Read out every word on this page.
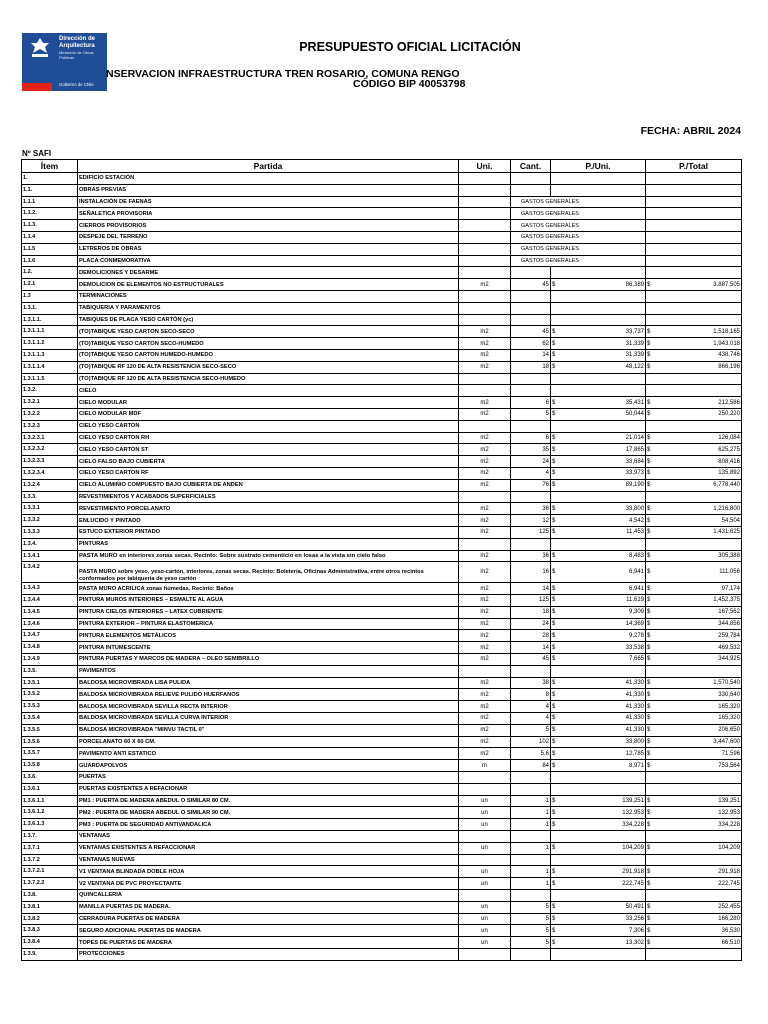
Dirección de
Arquitectura
Ministerio de Obras
Públicas
Gobierno de Chile
PRESUPUESTO OFICIAL LICITACIÓN
NSERVACION INFRAESTRUCTURA TREN ROSARIO, COMUNA RENGO
CÓDIGO BIP 40053798
FECHA: ABRIL 2024
Nº SAFI
Ítem	Partida	Uni.	Cant.	P./Uni.	P./Total
1.	EDIFICIO ESTACIÓN				
1.1.	OBRAS PREVIAS				
1.1.1	INSTALACIÓN DE FAENAS		GASTOS GENERALES		
1.1.2.	SEÑALETICA PROVISORIA		GASTOS GENERALES		
1.1.3.	CIERROS PROVISORIOS		GASTOS GENERALES		
1.1.4	DESPEJE DEL TERRENO		GASTOS GENERALES		
1.1.5	LETREROS DE OBRAS		GASTOS GENERALES		
1.1.6	PLACA CONMEMORATIVA		GASTOS GENERALES		
1.2.	DEMOLICIONES Y DESARME				
1.2.1	DEMOLICION DE ELEMENTOS NO ESTRUCTURALES	m2	45	$ 86,389	$ 3,887,505

1.3	TERMINACIONES				
1.3.1.	TABIQUERIA Y PARAMENTOS				
1.3.1.1.	TABIQUES DE PLACA YESO CARTÓN (yc)				
1.3.1.1.1	(TO)TABIQUE YESO CARTON SECO-SECO	m2	45	$ 33,737	$ 1,518,165

1.3.1.1.2	(TO)TABIQUE YESO CARTON SECO-HUMEDO	m2	62	$ 31,339	$ 1,943,018

1.3.1.1.3	(TO)TABIQUE YESO CARTON HUMEDO-HUMEDO	m2	14	$ 31,339	$ 438,746

1.3.1.1.4	(TO)TABIQUE RF 120 DE ALTA RESISTENCIA SECO-SECO	m2	18	$ 48,122	$ 866,196

1.3.1.1.5	(TO)TABIQUE RF 120 DE ALTA RESISTENCIA SECO-HUMEDO				
1.3.2.	CIELO				
1.3.2.1	CIELO MODULAR	m2	6	$ 35,431	$ 212,586

1.3.2.2	CIELO MODULAR MDF	m2	5	$ 50,044	$ 250,220

1.3.2.3	CIELO YESO CARTON				
1.3.2.3.1	CIELO YESO CARTON RH	m2	6	$ 21,014	$ 126,084

1.3.2.3.2	CIELO YESO CARTON ST	m2	35	$ 17,865	$ 625,275

1.3.2.3.3	CIELO FALSO BAJO CUBIERTA	m2	24	$ 33,684	$ 808,416

1.3.2.3.4	CIELO YESO CARTON RF	m2	4	$ 33,973	$ 135,892

1.3.2.4	CIELO ALUMINIO COMPUESTO BAJO CUBIERTA DE ANDEN	m2	76	$ 89,190	$ 6,778,440

1.3.3.	REVESTIMIENTOS Y ACABADOS SUPERFICIALES				
1.3.3.1	REVESTIMIENTO PORCELANATO	m2	36	$ 33,800	$ 1,216,800

1.3.3.2	ENLUCIDO Y PINTADO	m2	12	$ 4,542	$ 54,504

1.3.3.3	ESTUCO EXTERIOR PINTADO	m2	125	$ 11,453	$ 1,431,625

1.3.4.	PINTURAS				
1.3.4.1	PASTA MURO en interiores zonas secas. Recinto: Sobre sustrato cementicio en losas a la vista sin cielo falso	m2	36	$ 8,483	$ 305,388

1.3.4.2	PASTA MURO sobre yeso, yeso-cartón, interiores, zonas secas. Recinto: Boletería, Oficinas Administrativa, entre otros recintos conformados por tabiquería de yeso cartón	m2	16	$ 6,941	$ 111,056

1.3.4.3	PASTA MURO ACRILICA zonas húmedas. Recinto: Baños	m2	14	$ 6,941	$ 97,174

1.3.4.4	PINTURA MUROS INTERIORES – ESMALTE AL AGUA	m2	125	$ 11,619	$ 1,452,375

1.3.4.5	PINTURA CIELOS INTERIORES – LATEX CUBRIENTE	m2	18	$ 9,309	$ 167,562

1.3.4.6	PINTURA EXTERIOR – PINTURA ELASTOMERICA	m2	24	$ 14,369	$ 344,856

1.3.4.7	PINTURA ELEMENTOS METÁLICOS	m2	28	$ 9,278	$ 259,784

1.3.4.8	PINTURA INTUMESCENTE	m2	14	$ 33,538	$ 469,532

1.3.4.9	PINTURA PUERTAS Y MARCOS DE MADERA – OLEO SEMIBRILLO	m2	45	$ 7,665	$ 344,925

1.3.5.	PAVIMENTOS				
1.3.5.1	BALDOSA MICROVIBRADA LISA PULIDA	m2	38	$ 41,330	$ 1,570,540

1.3.5.2	BALDOSA MICROVIBRADA RELIEVE PULIDO HUERFANOS	m2	8	$ 41,330	$ 330,640

1.3.5.3	BALDOSA MICROVIBRADA SEVILLA RECTA INTERIOR	m2	4	$ 41,330	$ 165,320

1.3.5.4	BALDOSA MICROVIBRADA SEVILLA CURVA INTERIOR	m2	4	$ 41,330	$ 165,320

1.3.5.5	BALDOSA MICROVIBRADA "MINVU TACTIL 0"	m2	5	$ 41,330	$ 206,650

1.3.5.6	PORCELANATO 60 X 60 CM.	m2	102	$ 33,800	$ 3,447,600

1.3.5.7	PAVIMENTO ANTI ESTATICO	m2	5.6	$ 12,785	$ 71,596

1.3.5.8	GUARDAPOLVOS	m	84	$ 8,971	$ 753,564

1.3.6.	PUERTAS				
1.3.6.1	PUERTAS EXISTENTES A REFACIONAR				
1.3.6.1.1	PM1 : PUERTA DE MADERA ABEDUL O SIMILAR 80 CM.	un	1	$ 139,251	$ 139,251

1.3.6.1.2	PM2 : PUERTA DE MADERA ABEDUL O SIMILAR 90 CM.	un	1	$ 132,953	$ 132,953

1.3.6.1.3	PM3 : PUERTA DE SEGURIDAD ANTIVANDALICA	un	1	$ 334,228	$ 334,228

1.3.7.	VENTANAS				
1.3.7.1	VENTANAS EXISTENTES A REFACCIONAR	un	1	$ 104,209	$ 104,209

1.3.7.2	VENTANAS NUEVAS				
1.3.7.2.1	V1 VENTANA BLINDADA DOBLE HOJA	un	1	$ 291,918	$ 291,918

1.3.7.2.2	V2 VENTANA DE PVC PROYECTANTE	un	1	$ 222,745	$ 222,745

1.3.8.	QUINCALLERIA				
1.3.8.1	MANILLA PUERTAS DE MADERA.	un	5	$ 50,491	$ 252,455

1.3.8.2	CERRADURA PUERTAS DE MADERA	un	5	$ 33,256	$ 166,280

1.3.8.3	SEGURO ADICIONAL PUERTAS DE MADERA	un	5	$ 7,306	$ 36,530

1.3.8.4	TOPES DE PUERTAS DE MADERA	un	5	$ 13,302	$ 66,510

1.3.9.	PROTECCIONES				
